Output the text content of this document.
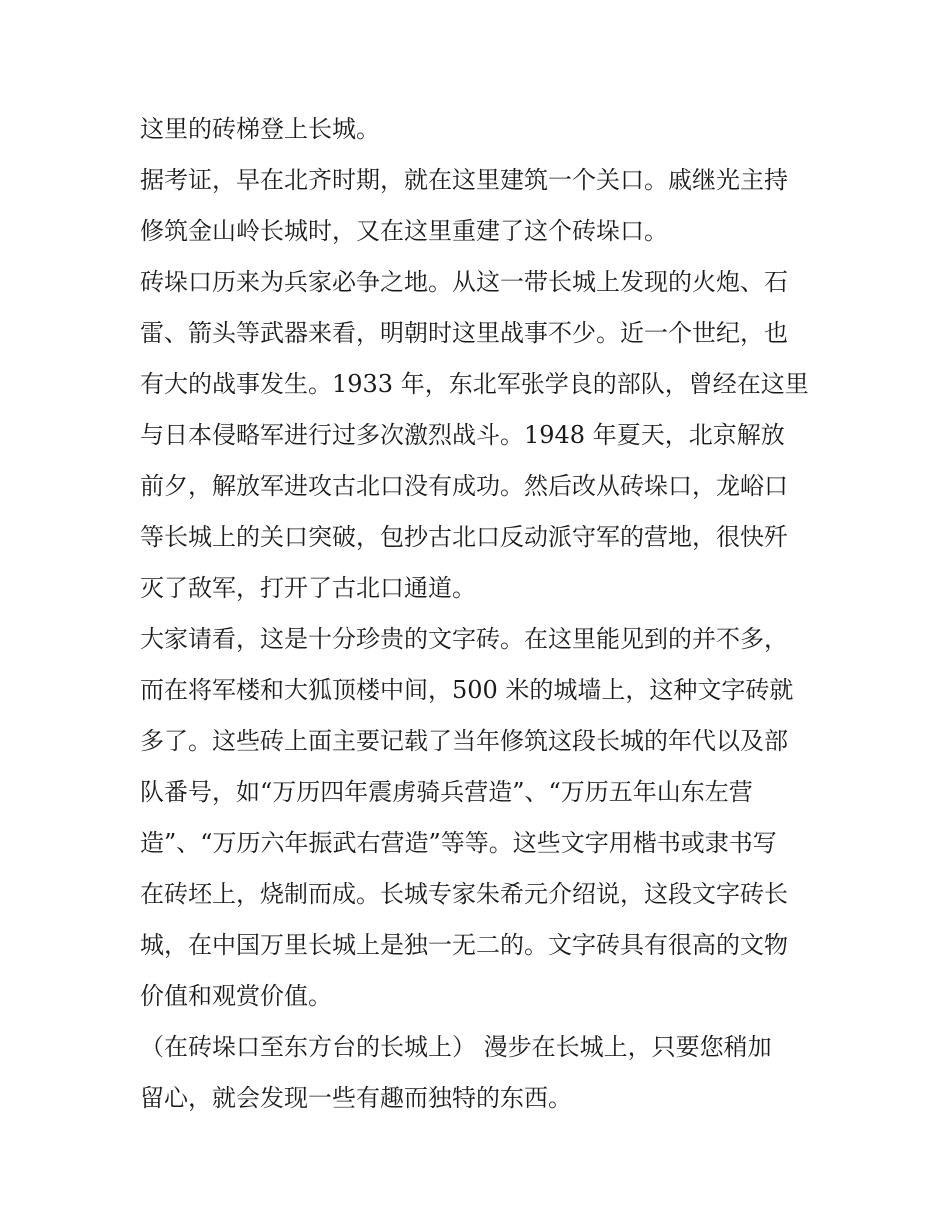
这里的砖梯登上长城。
据考证，早在北齐时期，就在这里建筑一个关口。戚继光主持
修筑金山岭长城时，又在这里重建了这个砖垛口。
砖垛口历来为兵家必争之地。从这一带长城上发现的火炮、石
雷、箭头等武器来看，明朝时这里战事不少。近一个世纪，也
有大的战事发生。1933 年，东北军张学良的部队，曾经在这里
与日本侵略军进行过多次激烈战斗。1948 年夏天，北京解放
前夕，解放军进攻古北口没有成功。然后改从砖垛口，龙峪口
等长城上的关口突破，包抄古北口反动派守军的营地，很快歼
灭了敌军，打开了古北口通道。
大家请看，这是十分珍贵的文字砖。在这里能见到的并不多，
而在将军楼和大狐顶楼中间，500 米的城墙上，这种文字砖就
多了。这些砖上面主要记载了当年修筑这段长城的年代以及部
队番号，如“万历四年震虏骑兵营造”、“万历五年山东左营
造”、“万历六年振武右营造”等等。这些文字用楷书或隶书写
在砖坯上，烧制而成。长城专家朱希元介绍说，这段文字砖长
城，在中国万里长城上是独一无二的。文字砖具有很高的文物
价值和观赏价值。
（在砖垛口至东方台的长城上） 漫步在长城上，只要您稍加
留心，就会发现一些有趣而独特的东西。
